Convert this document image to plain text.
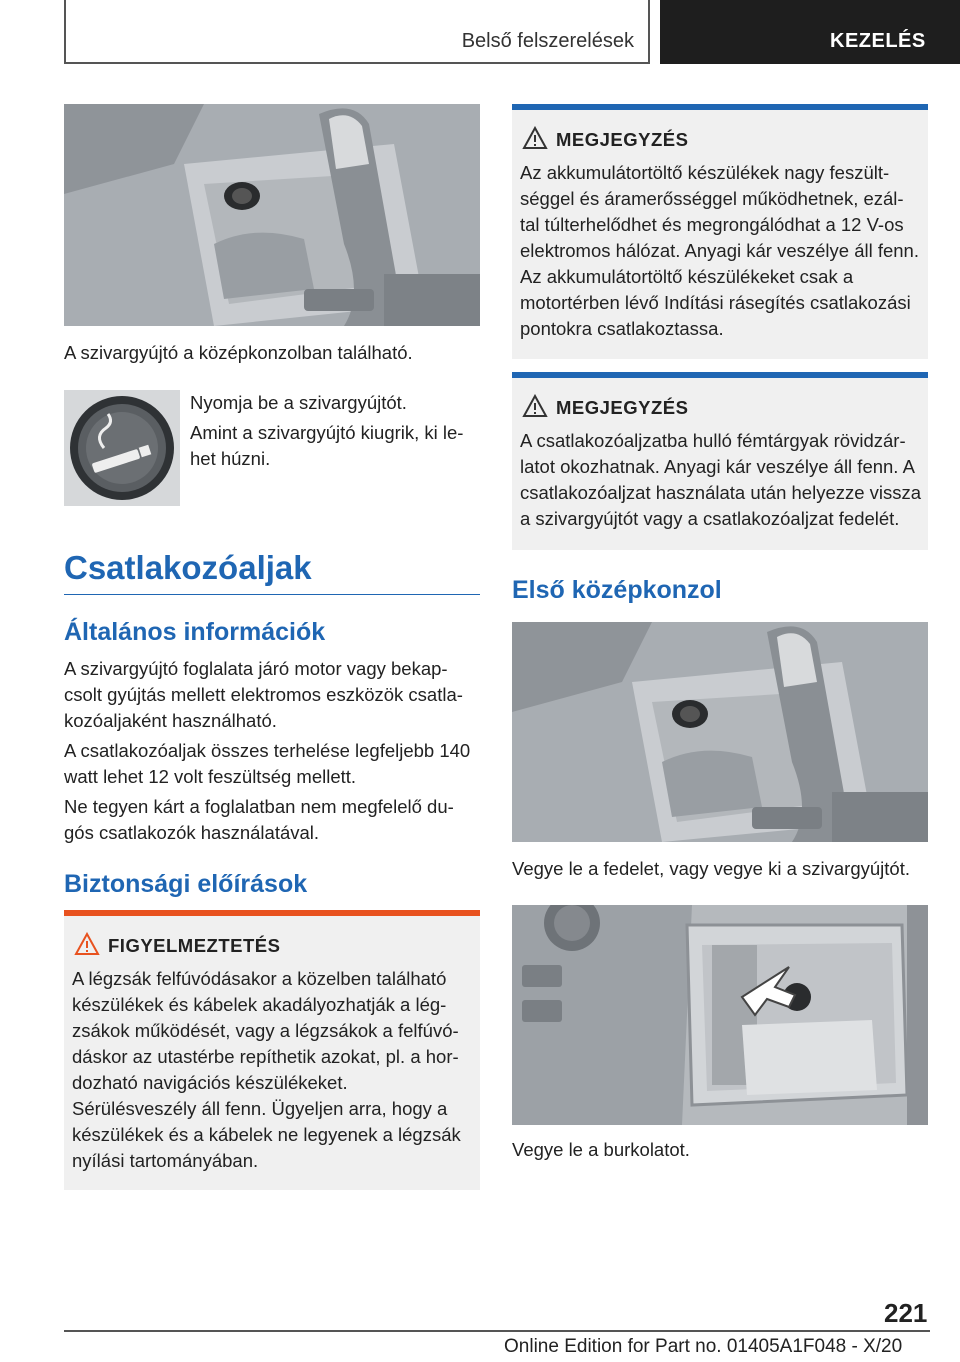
Belső felszerelések	KEZELÉS

A szivargyújtó a középkonzolban található.

Nyomja be a szivargyújtót.

Amint a szivargyújtó kiugrik, ki le-het húzni.

Csatlakozóaljak
Általános információk

A szivargyújtó foglalata járó motor vagy bekap-csolt gyújtás mellett elektromos eszközök csatla-kozóaljaként használható.

A csatlakozóaljak összes terhelése legfeljebb 140 watt lehet 12 volt feszültség mellett.

Ne tegyen kárt a foglalatban nem megfelelő du-gós csatlakozók használatával.

Biztonsági előírások
FIGYELMEZTETÉS

A légzsák felfúvódásakor a közelben található készülékek és kábelek akadályozhatják a lég-zsákok működését, vagy a légzsákok a felfúvó-dáskor az utastérbe repíthetik azokat, pl. a hor-dozható navigációs készülékeket. Sérülésveszély áll fenn. Ügyeljen arra, hogy a készülékek és a kábelek ne legyenek a légzsák nyílási tartományában.

MEGJEGYZÉS

Az akkumulátortöltő készülékek nagy feszült-séggel és áramerősséggel működhetnek, ezál-tal túlterhelődhet és megrongálódhat a 12 V-os elektromos hálózat. Anyagi kár veszélye áll fenn. Az akkumulátortöltő készülékeket csak a motortérben lévő Indítási rásegítés csatlakozási pontokra csatlakoztassa.

MEGJEGYZÉS

A csatlakozóaljzatba hulló fémtárgyak rövidzár-latot okozhatnak. Anyagi kár veszélye áll fenn. A csatlakozóaljzat használata után helyezze vissza a szivargyújtót vagy a csatlakozóaljzat fedelét.

Első középkonzol

Vegye le a fedelet, vagy vegye ki a szivargyújtót.

Vegye le a burkolatot.

221
Online Edition for Part no. 01405A1F048 - X/20
